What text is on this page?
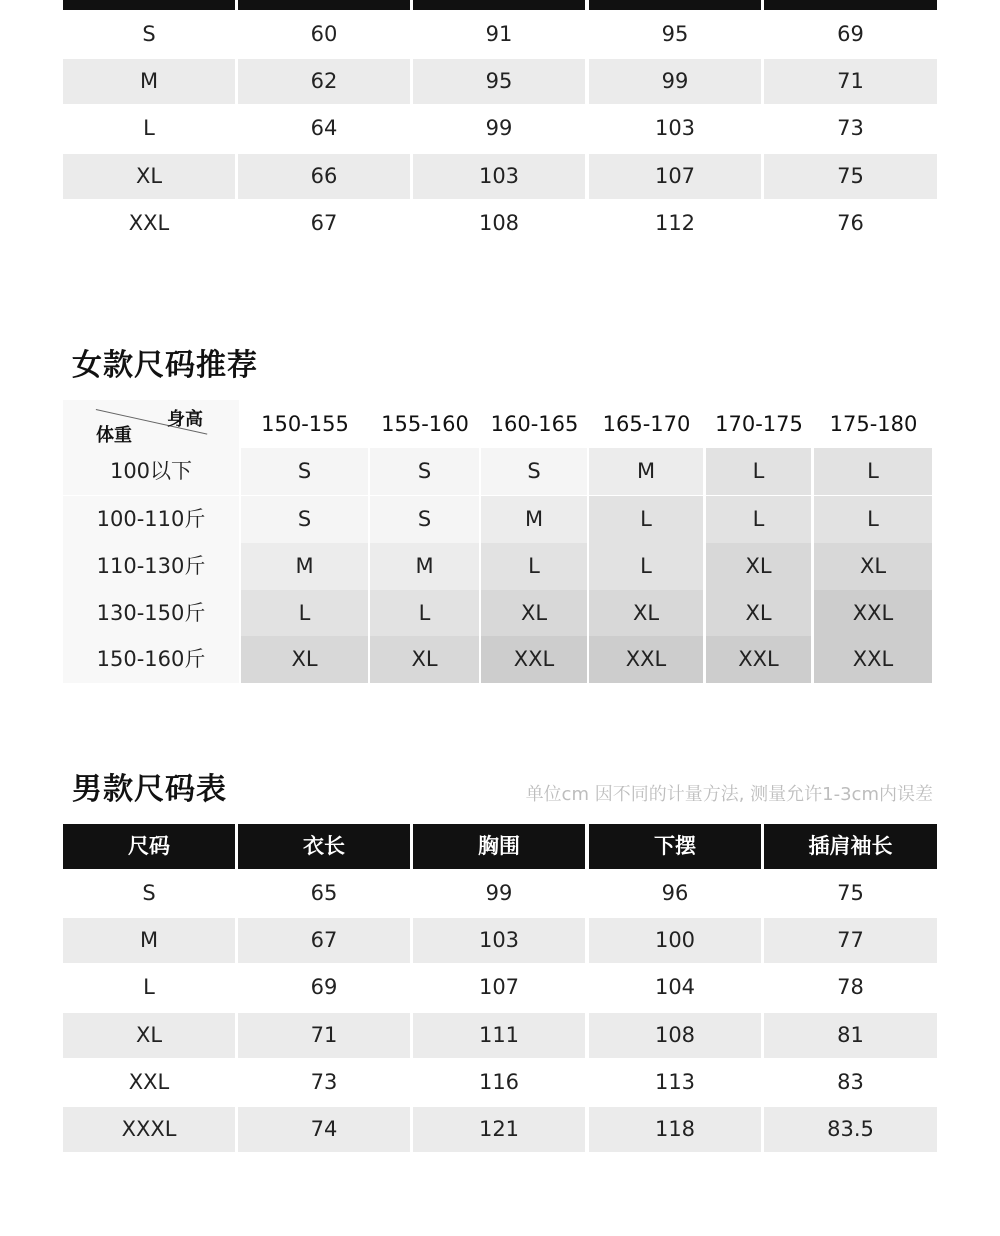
S	60	91	95	69
M	62	95	99	71
L	64	99	103	73
XL	66	103	107	75
XXL	67	108	112	76
女款尺码推荐
身高
体重	150-155	155-160	160-165	165-170	170-175	175-180
100以下	S	S	S	M	L	L
100-110斤	S	S	M	L	L	L
110-130斤	M	M	L	L	XL	XL
130-150斤	L	L	XL	XL	XL	XXL
150-160斤	XL	XL	XXL	XXL	XXL	XXL
男款尺码表	单位cm 因不同的计量方法, 测量允许1-3cm内误差
尺码	衣长	胸围	下摆	插肩袖长
S	65	99	96	75
M	67	103	100	77
L	69	107	104	78
XL	71	111	108	81
XXL	73	116	113	83
XXXL	74	121	118	83.5
